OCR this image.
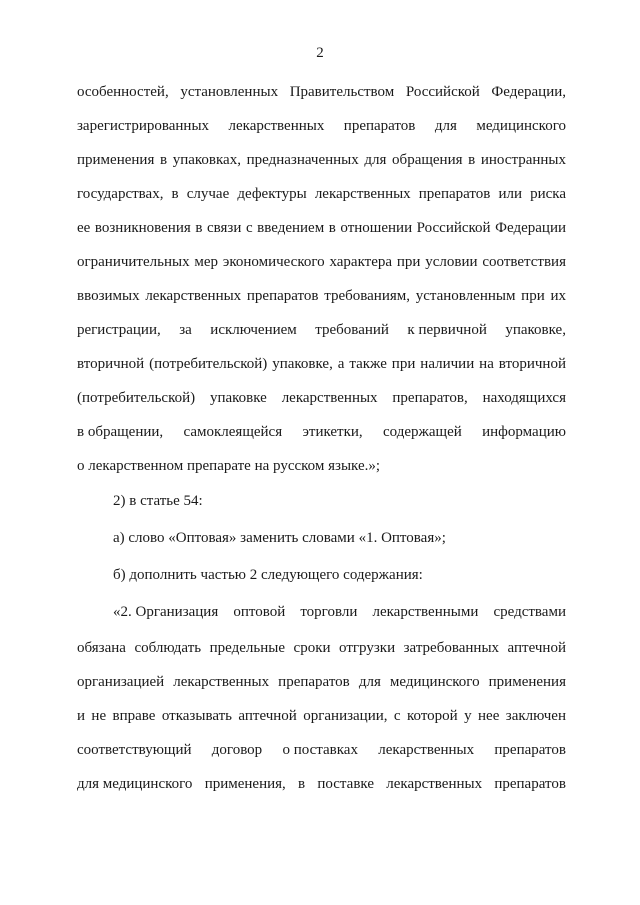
2
особенностей, установленных Правительством Российской Федерации,
зарегистрированных лекарственных препаратов для медицинского
применения в упаковках, предназначенных для обращения в иностранных
государствах, в случае дефектуры лекарственных препаратов или риска
ее возникновения в связи с введением в отношении Российской Федерации
ограничительных мер экономического характера при условии соответствия
ввозимых лекарственных препаратов требованиям, установленным при их
регистрации, за исключением требований к первичной упаковке,
вторичной (потребительской) упаковке, а также при наличии на вторичной
(потребительской) упаковке лекарственных препаратов, находящихся
в обращении, самоклеящейся этикетки, содержащей информацию
о лекарственном препарате на русском языке.»;
2) в статье 54:
а) слово «Оптовая» заменить словами «1. Оптовая»;
б) дополнить частью 2 следующего содержания:
«2. Организация оптовой торговли лекарственными средствами
обязана соблюдать предельные сроки отгрузки затребованных аптечной
организацией лекарственных препаратов для медицинского применения
и не вправе отказывать аптечной организации, с которой у нее заключен
соответствующий договор о поставках лекарственных препаратов
для медицинского применения, в поставке лекарственных препаратов
